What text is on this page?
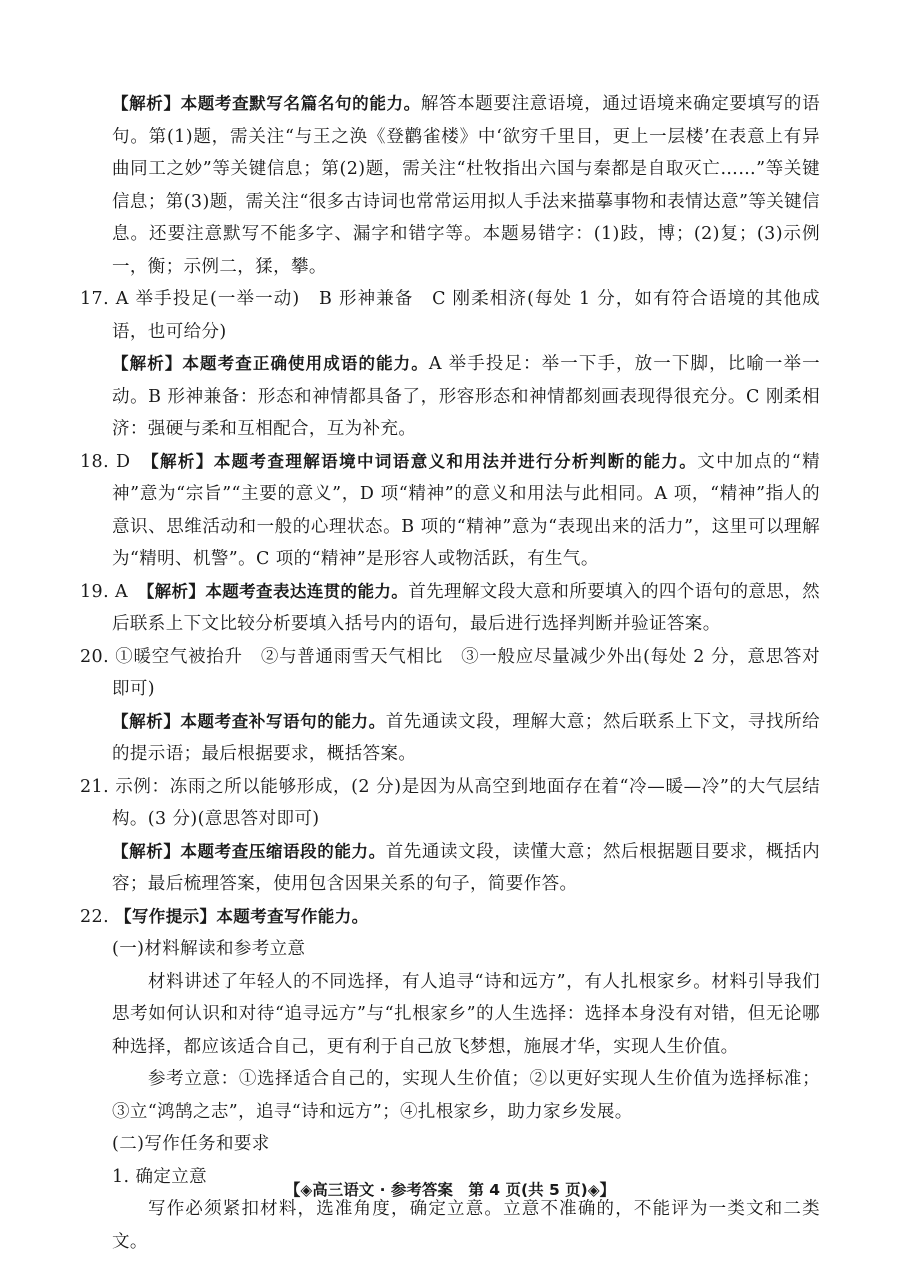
【解析】本题考查默写名篇名句的能力。解答本题要注意语境，通过语境来确定要填写的语句。第(1)题，需关注“与王之涣《登鹳雀楼》中‘欲穷千里目，更上一层楼’在表意上有异曲同工之妙”等关键信息；第(2)题，需关注“杜牧指出六国与秦都是自取灭亡……”等关键信息；第(3)题，需关注“很多古诗词也常常运用拟人手法来描摹事物和表情达意”等关键信息。还要注意默写不能多字、漏字和错字等。本题易错字：(1)跂，博；(2)复；(3)示例一，衡；示例二，猱，攀。

17. A 举手投足(一举一动)　B 形神兼备　C 刚柔相济(每处 1 分，如有符合语境的其他成语，也可给分)

【解析】本题考查正确使用成语的能力。A 举手投足：举一下手，放一下脚，比喻一举一动。B 形神兼备：形态和神情都具备了，形容形态和神情都刻画表现得很充分。C 刚柔相济：强硬与柔和互相配合，互为补充。

18. D　【解析】本题考查理解语境中词语意义和用法并进行分析判断的能力。文中加点的“精神”意为“宗旨”“主要的意义”，D 项“精神”的意义和用法与此相同。A 项，“精神”指人的意识、思维活动和一般的心理状态。B 项的“精神”意为“表现出来的活力”，这里可以理解为“精明、机警”。C 项的“精神”是形容人或物活跃，有生气。

19. A　【解析】本题考查表达连贯的能力。首先理解文段大意和所要填入的四个语句的意思，然后联系上下文比较分析要填入括号内的语句，最后进行选择判断并验证答案。

20. ①暖空气被抬升　②与普通雨雪天气相比　③一般应尽量减少外出(每处 2 分，意思答对即可)

【解析】本题考查补写语句的能力。首先通读文段，理解大意；然后联系上下文，寻找所给的提示语；最后根据要求，概括答案。

21. 示例：冻雨之所以能够形成，(2 分)是因为从高空到地面存在着“冷—暖—冷”的大气层结构。(3 分)(意思答对即可)

【解析】本题考查压缩语段的能力。首先通读文段，读懂大意；然后根据题目要求，概括内容；最后梳理答案，使用包含因果关系的句子，简要作答。

22. 【写作提示】本题考查写作能力。

(一)材料解读和参考立意

材料讲述了年轻人的不同选择，有人追寻“诗和远方”，有人扎根家乡。材料引导我们思考如何认识和对待“追寻远方”与“扎根家乡”的人生选择：选择本身没有对错，但无论哪种选择，都应该适合自己，更有利于自己放飞梦想，施展才华，实现人生价值。

参考立意：①选择适合自己的，实现人生价值；②以更好实现人生价值为选择标准；③立“鸿鹄之志”，追寻“诗和远方”；④扎根家乡，助力家乡发展。

(二)写作任务和要求

1. 确定立意

写作必须紧扣材料，选准角度，确定立意。立意不准确的，不能评为一类文和二类文。

【◈高三语文 · 参考答案　第 4 页(共 5 页)◈】
